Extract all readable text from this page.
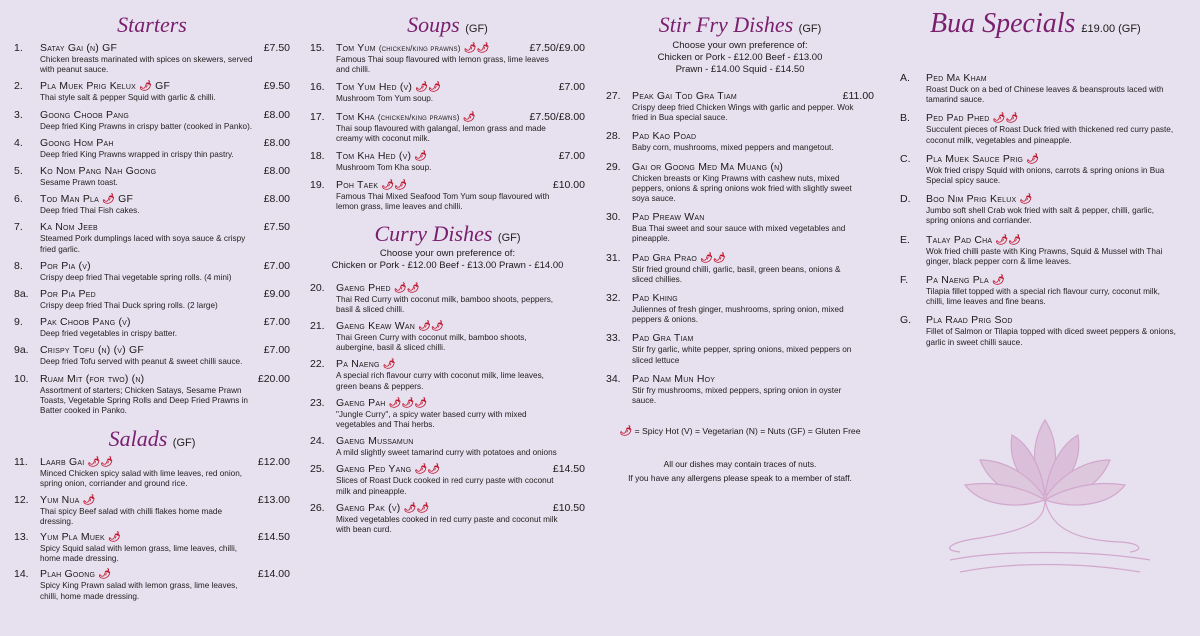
Starters
1.	Satay Gai (n) GF	£7.50
Chicken breasts marinated with spices on skewers, served with peanut sauce.
2.	Pla Muek Prig Kelux 🌶 GF	£9.50
Thai style salt & pepper Squid with garlic & chilli.
3.	Goong Choob Pang	£8.00
Deep fried King Prawns in crispy batter (cooked in Panko).
4.	Goong Hom Pah	£8.00
Deep fried King Prawns wrapped in crispy thin pastry.
5.	Ko Nom Pang Nah Goong	£8.00
Sesame Prawn toast.
6.	Tod Man Pla 🌶 GF	£8.00
Deep fried Thai Fish cakes.
7.	Ka Nom Jeeb	£7.50
Steamed Pork dumplings laced with soya sauce & crispy fried garlic.
8.	Por Pia (v)	£7.00
Crispy deep fried Thai vegetable spring rolls. (4 mini)
8a.	Por Pia Ped	£9.00
Crispy deep fried Thai Duck spring rolls. (2 large)
9.	Pak Choob Pang (v)	£7.00
Deep fried vegetables in crispy batter.
9a.	Crispy Tofu (n) (v) GF	£7.00
Deep fried Tofu served with peanut & sweet chilli sauce.
10.	Ruam Mit (for two) (n)	£20.00
Assortment of starters; Chicken Satays, Sesame Prawn Toasts, Vegetable Spring Rolls and Deep Fried Prawns in Batter cooked in Panko.
Salads (GF)
11.	Laarb Gai 🌶🌶	£12.00
Minced Chicken spicy salad with lime leaves, red onion, spring onion, corriander and ground rice.
12.	Yum Nua 🌶	£13.00
Thai spicy Beef salad with chilli flakes home made dressing.
13.	Yum Pla Muek 🌶	£14.50
Spicy Squid salad with lemon grass, lime leaves, chilli, home made dressing.
14.	Plah Goong 🌶	£14.00
Spicy King Prawn salad with lemon grass, lime leaves, chilli, home made dressing.
Soups (GF)
15.	Tom Yum (chicken/king prawns) 🌶🌶	£7.50/£9.00
Famous Thai soup flavoured with lemon grass, lime leaves and chilli.
16.	Tom Yum Hed (v) 🌶🌶	£7.00
Mushroom Tom Yum soup.
17.	Tom Kha (chicken/king prawns) 🌶	£7.50/£8.00
Thai soup flavoured with galangal, lemon grass and made creamy with coconut milk.
18.	Tom Kha Hed (v) 🌶	£7.00
Mushroom Tom Kha soup.
19.	Poh Taek 🌶🌶	£10.00
Famous Thai Mixed Seafood Tom Yum soup flavoured with lemon grass, lime leaves and chilli.
Curry Dishes (GF)
Choose your own preference of:
Chicken or Pork - £12.00 Beef - £13.00 Prawn - £14.00
20.	Gaeng Phed 🌶🌶
Thai Red Curry with coconut milk, bamboo shoots, peppers, basil & sliced chilli.
21.	Gaeng Keaw Wan 🌶🌶
Thai Green Curry with coconut milk, bamboo shoots, aubergine, basil & sliced chilli.
22.	Pa Naeng 🌶
A special rich flavour curry with coconut milk, lime leaves, green beans & peppers.
23.	Gaeng Pah 🌶🌶🌶
"Jungle Curry", a spicy water based curry with mixed vegetables and Thai herbs.
24.	Gaeng Mussamun
A mild slightly sweet tamarind curry with potatoes and onions
25.	Gaeng Ped Yang 🌶🌶	£14.50
Slices of Roast Duck cooked in red curry paste with coconut milk and pineapple.
26.	Gaeng Pak (v) 🌶🌶	£10.50
Mixed vegetables cooked in red curry paste and coconut milk with bean curd.
Stir Fry Dishes (GF)
Choose your own preference of:
Chicken or Pork - £12.00 Beef - £13.00
Prawn - £14.00 Squid - £14.50
27.	Peak Gai Tod Gra Tiam	£11.00
Crispy deep fried Chicken Wings with garlic and pepper. Wok fried in Bua special sauce.
28.	Pad Kao Poad
Baby corn, mushrooms, mixed peppers and mangetout.
29.	Gai or Goong Med Ma Muang (n)
Chicken breasts or King Prawns with cashew nuts, mixed peppers, onions & spring onions wok fried with slightly sweet soya sauce.
30.	Pad Preaw Wan
Bua Thai sweet and sour sauce with mixed vegetables and pineapple.
31.	Pad Gra Prao 🌶🌶
Stir fried ground chilli, garlic, basil, green beans, onions & sliced chillies.
32.	Pad Khing
Juliennes of fresh ginger, mushrooms, spring onion, mixed peppers & onions.
33.	Pad Gra Tiam
Stir fry garlic, white pepper, spring onions, mixed peppers on sliced lettuce
34.	Pad Nam Mun Hoy
Stir fry mushrooms, mixed peppers, spring onion in oyster sauce.
🌶 = Spicy Hot (V) = Vegetarian (N) = Nuts (GF) = Gluten Free
All our dishes may contain traces of nuts.
If you have any allergens please speak to a member of staff.
Bua Specials £19.00 (GF)
A.	Ped Ma Kham
Roast Duck on a bed of Chinese leaves & beansprouts laced with tamarind sauce.
B.	Ped Pad Phed 🌶🌶
Succulent pieces of Roast Duck fried with thickened red curry paste, coconut milk, vegetables and pineapple.
C.	Pla Muek Sauce Prig 🌶
Wok fried crispy Squid with onions, carrots & spring onions in Bua Special spicy sauce.
D.	Boo Nim Prig Kelux 🌶
Jumbo soft shell Crab wok fried with salt & pepper, chilli, garlic, spring onions and corriander.
E.	Talay Pad Cha 🌶🌶
Wok fried chilli paste with King Prawns, Squid & Mussel with Thai ginger, black pepper corn & lime leaves.
F.	Pa Naeng Pla 🌶
Tilapia fillet topped with a special rich flavour curry, coconut milk, chilli, lime leaves and fine beans.
G.	Pla Raad Prig Sod
Fillet of Salmon or Tilapia topped with diced sweet peppers & onions, garlic in sweet chilli sauce.
